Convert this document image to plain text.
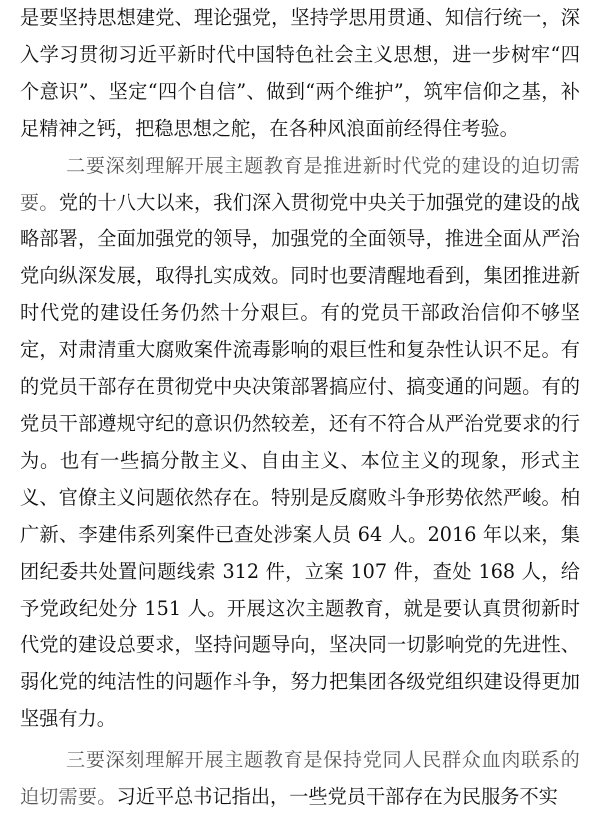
是要坚持思想建党、理论强党，坚持学思用贯通、知信行统一，深入学习贯彻习近平新时代中国特色社会主义思想，进一步树牢“四个意识”、坚定“四个自信”、做到“两个维护”，筑牢信仰之基，补足精神之钙，把稳思想之舵，在各种风浪面前经得住考验。

二要深刻理解开展主题教育是推进新时代党的建设的迫切需要。党的十八大以来，我们深入贯彻党中央关于加强党的建设的战略部署，全面加强党的领导，加强党的全面领导，推进全面从严治党向纵深发展，取得扎实成效。同时也要清醒地看到，集团推进新时代党的建设任务仍然十分艰巨。有的党员干部政治信仰不够坚定，对肃清重大腐败案件流毒影响的艰巨性和复杂性认识不足。有的党员干部存在贯彻党中央决策部署搞应付、搞变通的问题。有的党员干部遵规守纪的意识仍然较差，还有不符合从严治党要求的行为。也有一些搞分散主义、自由主义、本位主义的现象，形式主义、官僚主义问题依然存在。特别是反腐败斗争形势依然严峻。柏广新、李建伟系列案件已查处涉案人员 64 人。2016 年以来，集团纪委共处置问题线索 312 件，立案 107 件，查处 168 人，给予党政纪处分 151 人。开展这次主题教育，就是要认真贯彻新时代党的建设总要求，坚持问题导向，坚决同一切影响党的先进性、弱化党的纯洁性的问题作斗争，努力把集团各级党组织建设得更加坚强有力。

三要深刻理解开展主题教育是保持党同人民群众血肉联系的迫切需要。习近平总书记指出，一些党员干部存在为民服务不实
